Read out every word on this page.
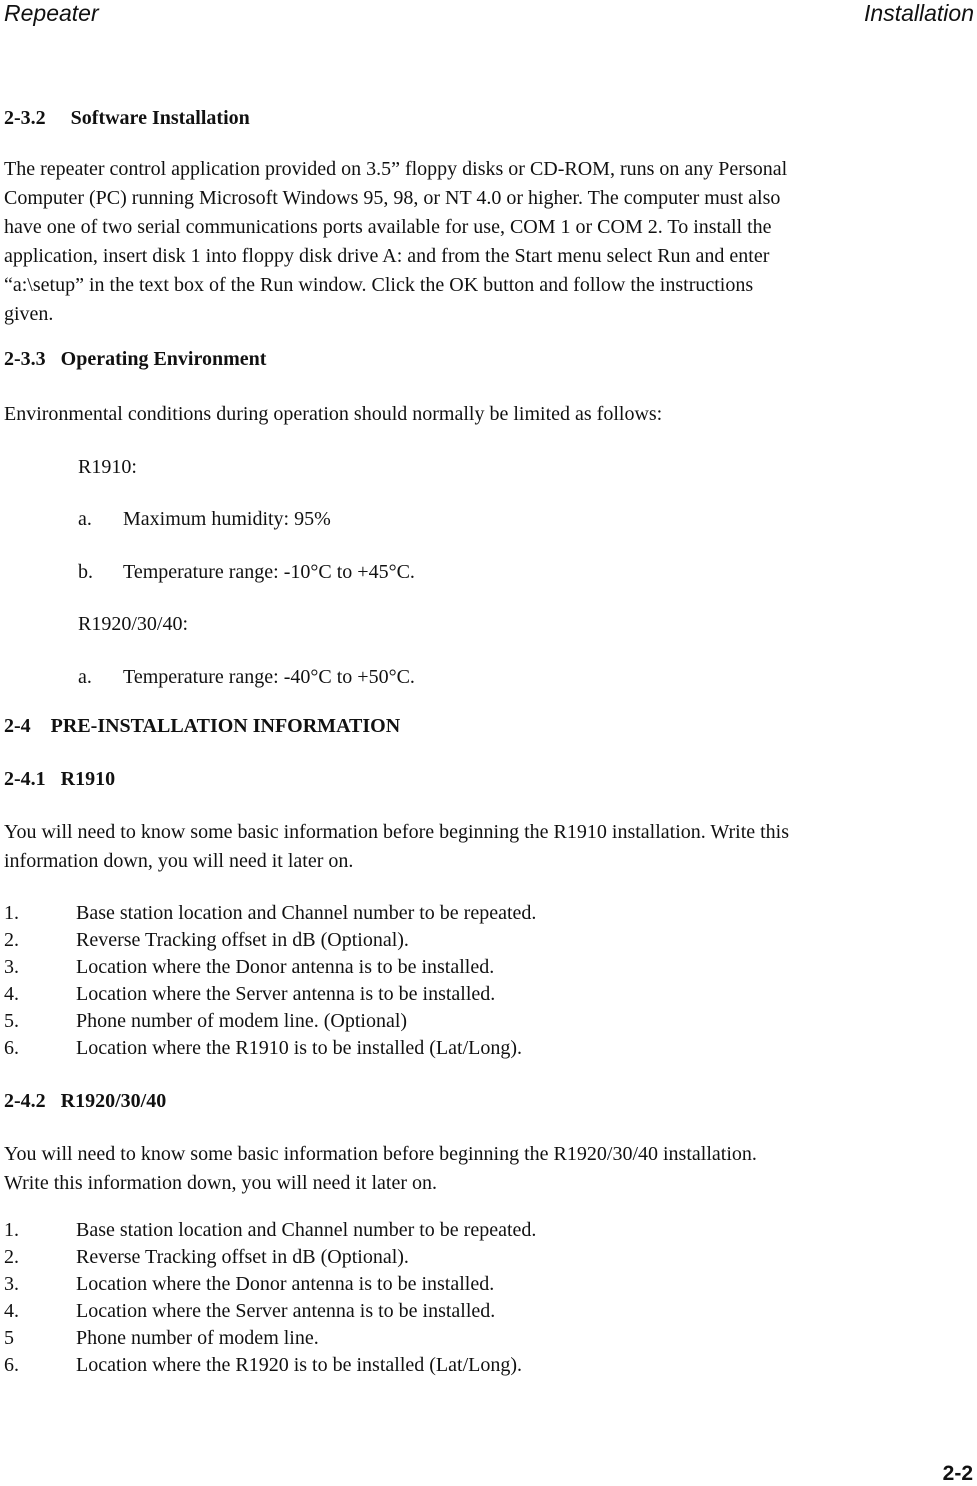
Repeater	Installation
2-3.2 Software Installation
The repeater control application provided on 3.5” floppy disks or CD-ROM, runs on any Personal
Computer (PC) running Microsoft Windows 95, 98, or NT 4.0 or higher. The computer must also
have one of two serial communications ports available for use, COM 1 or COM 2. To install the
application, insert disk 1 into floppy disk drive A: and from the Start menu select Run and enter
“a:\setup” in the text box of the Run window. Click the OK button and follow the instructions
given.
2-3.3 Operating Environment
Environmental conditions during operation should normally be limited as follows:
R1910:
a. Maximum humidity: 95%
b. Temperature range: -10°C to +45°C.
R1920/30/40:
a. Temperature range: -40°C to +50°C.
2-4 PRE-INSTALLATION INFORMATION
2-4.1 R1910
You will need to know some basic information before beginning the R1910 installation. Write this
information down, you will need it later on.
1.	Base station location and Channel number to be repeated.
2.	Reverse Tracking offset in dB (Optional).
3.	Location where the Donor antenna is to be installed.
4.	Location where the Server antenna is to be installed.
5.	Phone number of modem line. (Optional)
6.	Location where the R1910 is to be installed (Lat/Long).
2-4.2 R1920/30/40
You will need to know some basic information before beginning the R1920/30/40 installation.
Write this information down, you will need it later on.
1.	Base station location and Channel number to be repeated.
2.	Reverse Tracking offset in dB (Optional).
3.	Location where the Donor antenna is to be installed.
4.	Location where the Server antenna is to be installed.
5	Phone number of modem line.
6.	Location where the R1920 is to be installed (Lat/Long).
2-2
